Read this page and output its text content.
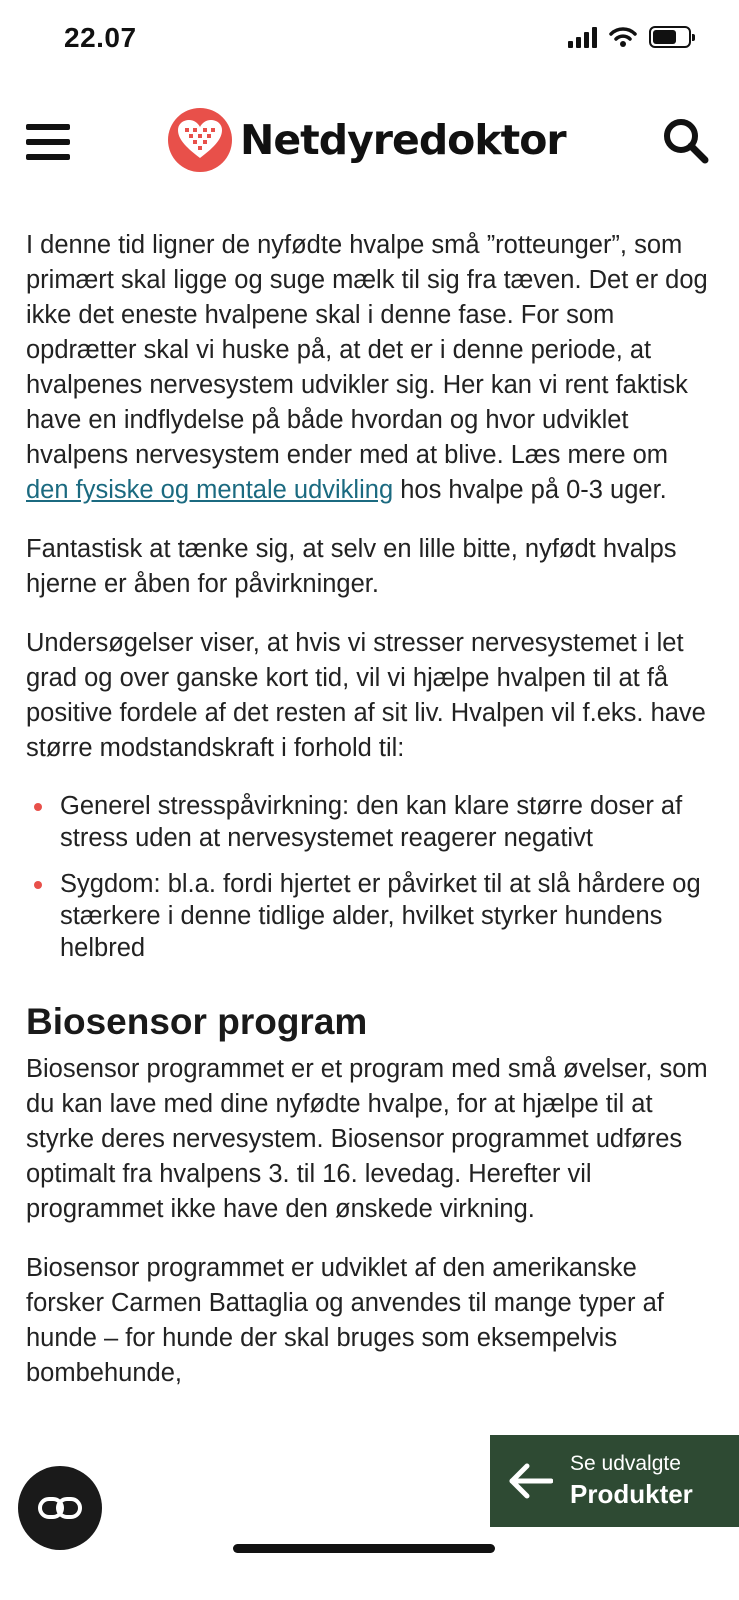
22.07
Netdyredoktor

I denne tid ligner de nyfødte hvalpe små ”rotteunger”, som primært skal ligge og suge mælk til sig fra tæven. Det er dog ikke det eneste hvalpene skal i denne fase. For som opdrætter skal vi huske på, at det er i denne periode, at hvalpenes nervesystem udvikler sig. Her kan vi rent faktisk have en indflydelse på både hvordan og hvor udviklet hvalpens nervesystem ender med at blive. Læs mere om den fysiske og mentale udvikling hos hvalpe på 0-3 uger.

Fantastisk at tænke sig, at selv en lille bitte, nyfødt hvalps hjerne er åben for påvirkninger.

Undersøgelser viser, at hvis vi stresser nervesystemet i let grad og over ganske kort tid, vil vi hjælpe hvalpen til at få positive fordele af det resten af sit liv. Hvalpen vil f.eks. have større modstandskraft i forhold til:

Generel stresspåvirkning: den kan klare større doser af stress uden at nervesystemet reagerer negativt
Sygdom: bl.a. fordi hjertet er påvirket til at slå hårdere og stærkere i denne tidlige alder, hvilket styrker hundens helbred
Biosensor program

Biosensor programmet er et program med små øvelser, som du kan lave med dine nyfødte hvalpe, for at hjælpe til at styrke deres nervesystem. Biosensor programmet udføres optimalt fra hvalpens 3. til 16. levedag. Herefter vil programmet ikke have den ønskede virkning.

Biosensor programmet er udviklet af den amerikanske forsker Carmen Battaglia og anvendes til mange typer af hunde – for hunde der skal bruges som eksempelvis bombehunde,

Se udvalgte
Produkter
